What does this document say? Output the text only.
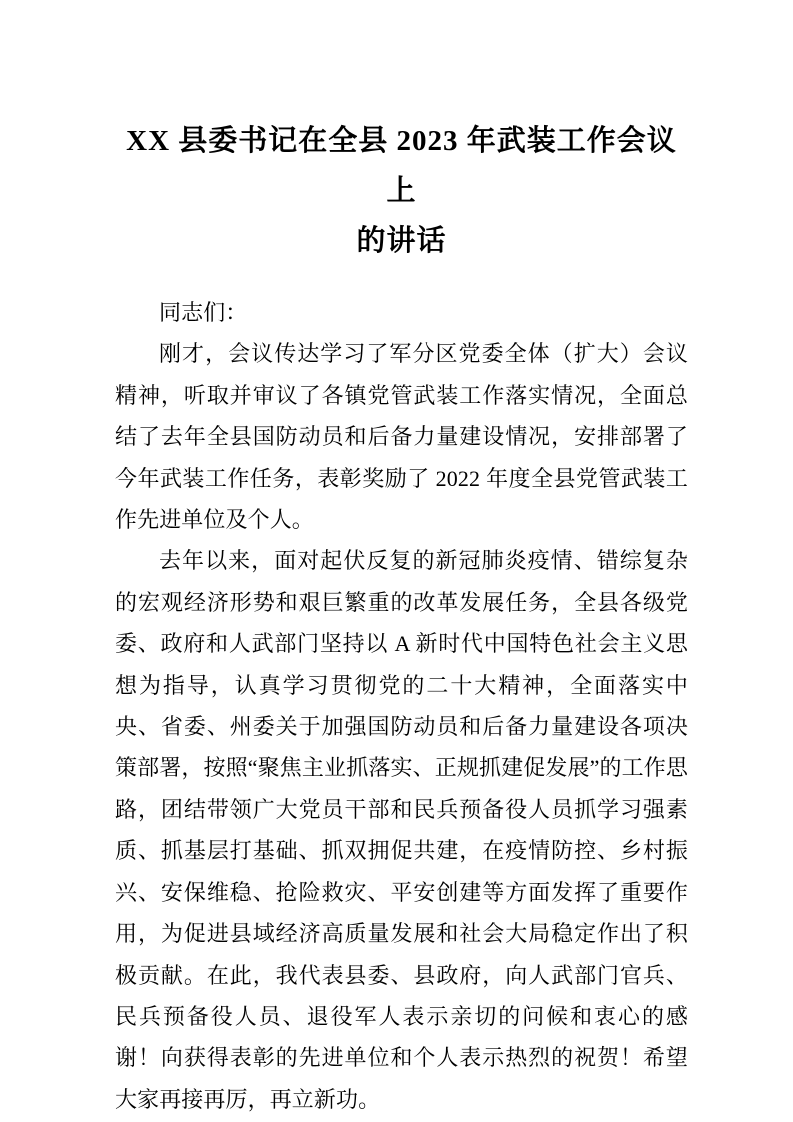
XX 县委书记在全县 2023 年武装工作会议上
的讲话

同志们：

刚才，会议传达学习了军分区党委全体（扩大）会议精神，听取并审议了各镇党管武装工作落实情况，全面总结了去年全县国防动员和后备力量建设情况，安排部署了今年武装工作任务，表彰奖励了 2022 年度全县党管武装工作先进单位及个人。

去年以来，面对起伏反复的新冠肺炎疫情、错综复杂的宏观经济形势和艰巨繁重的改革发展任务，全县各级党委、政府和人武部门坚持以 A 新时代中国特色社会主义思想为指导，认真学习贯彻党的二十大精神，全面落实中央、省委、州委关于加强国防动员和后备力量建设各项决策部署，按照“聚焦主业抓落实、正规抓建促发展”的工作思路，团结带领广大党员干部和民兵预备役人员抓学习强素质、抓基层打基础、抓双拥促共建，在疫情防控、乡村振兴、安保维稳、抢险救灾、平安创建等方面发挥了重要作用，为促进县域经济高质量发展和社会大局稳定作出了积极贡献。在此，我代表县委、县政府，向人武部门官兵、民兵预备役人员、退役军人表示亲切的问候和衷心的感谢！向获得表彰的先进单位和个人表示热烈的祝贺！希望大家再接再厉，再立新功。
